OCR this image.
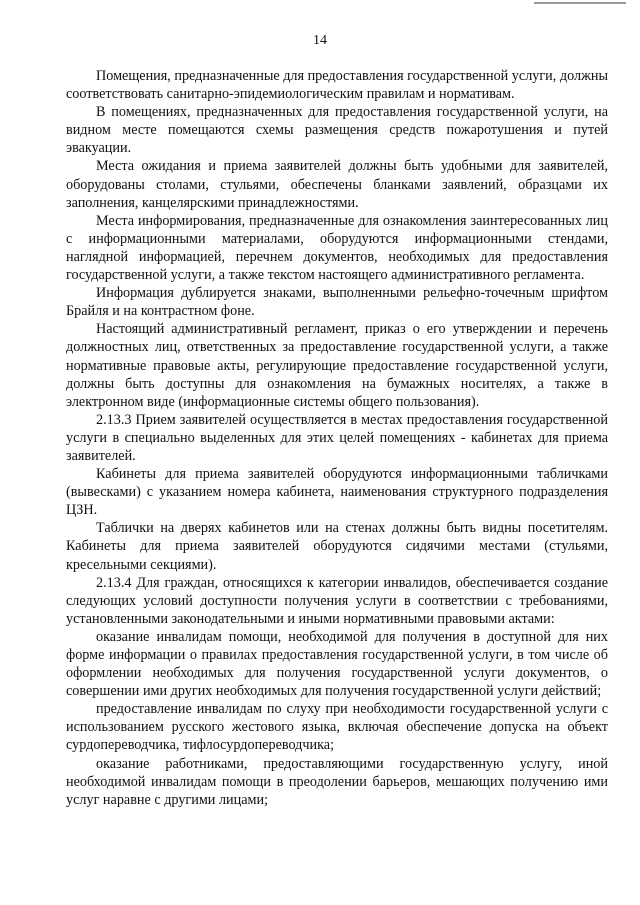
14

Помещения, предназначенные для предоставления государственной услуги, должны соответствовать санитарно-эпидемиологическим правилам и нормативам.

В помещениях, предназначенных для предоставления государственной услуги, на видном месте помещаются схемы размещения средств пожаротушения и путей эвакуации.

Места ожидания и приема заявителей должны быть удобными для заявителей, оборудованы столами, стульями, обеспечены бланками заявлений, образцами их заполнения, канцелярскими принадлежностями.

Места информирования, предназначенные для ознакомления заинтересованных лиц с информационными материалами, оборудуются информационными стендами, наглядной информацией, перечнем документов, необходимых для предоставления государственной услуги, а также текстом настоящего административного регламента.

Информация дублируется знаками, выполненными рельефно-точечным шрифтом Брайля и на контрастном фоне.

Настоящий административный регламент, приказ о его утверждении и перечень должностных лиц, ответственных за предоставление государственной услуги, а также нормативные правовые акты, регулирующие предоставление государственной услуги, должны быть доступны для ознакомления на бумажных носителях, а также в электронном виде (информационные системы общего пользования).

2.13.3 Прием заявителей осуществляется в местах предоставления государственной услуги в специально выделенных для этих целей помещениях - кабинетах для приема заявителей.

Кабинеты для приема заявителей оборудуются информационными табличками (вывесками) с указанием номера кабинета, наименования структурного подразделения ЦЗН.

Таблички на дверях кабинетов или на стенах должны быть видны посетителям. Кабинеты для приема заявителей оборудуются сидячими местами (стульями, кресельными секциями).

2.13.4 Для граждан, относящихся к категории инвалидов, обеспечивается создание следующих условий доступности получения услуги в соответствии с требованиями, установленными законодательными и иными нормативными правовыми актами:

оказание инвалидам помощи, необходимой для получения в доступной для них форме информации о правилах предоставления государственной услуги, в том числе об оформлении необходимых для получения государственной услуги документов, о совершении ими других необходимых для получения государственной услуги действий;

предоставление инвалидам по слуху при необходимости государственной услуги с использованием русского жестового языка, включая обеспечение допуска на объект сурдопереводчика, тифлосурдопереводчика;

оказание работниками, предоставляющими государственную услугу, иной необходимой инвалидам помощи в преодолении барьеров, мешающих получению ими услуг наравне с другими лицами;
